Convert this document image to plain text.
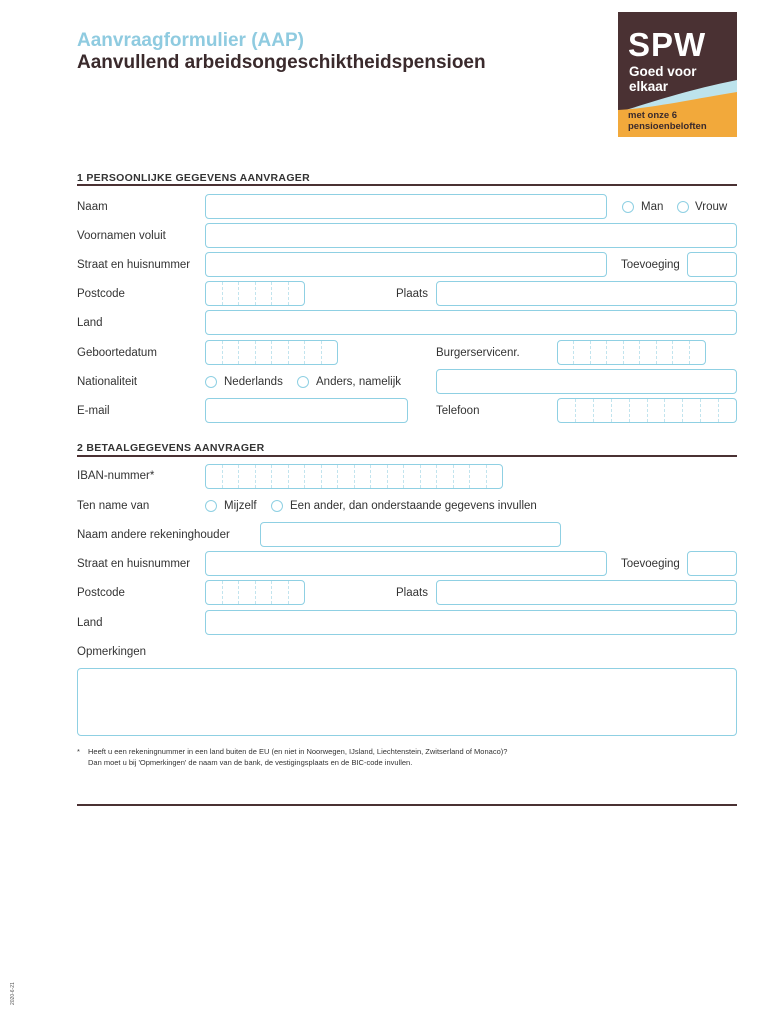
Aanvraagformulier (AAP)
Aanvullend arbeidsongeschiktheidspensioen	SPW
Goed voor
elkaar
met onze 6
pensioenbeloften
1 PERSOONLIJKE GEGEVENS AANVRAGER
Naam	Man	Vrouw
Voornamen voluit
Straat en huisnummer	Toevoeging
Postcode	Plaats
Land
Geboortedatum	Burgerservicenr.
Nationaliteit	Nederlands	Anders, namelijk
E-mail	Telefoon
2 BETAALGEGEVENS AANVRAGER
IBAN-nummer*
Ten name van	Mijzelf	Een ander, dan onderstaande gegevens invullen
Naam andere rekeninghouder
Straat en huisnummer	Toevoeging
Postcode	Plaats
Land
Opmerkingen
* Heeft u een rekeningnummer in een land buiten de EU (en niet in Noorwegen, IJsland, Liechtenstein, Zwitserland of Monaco)?
Dan moet u bij 'Opmerkingen' de naam van de bank, de vestigingsplaats en de BIC-code invullen.
2020-6-21
